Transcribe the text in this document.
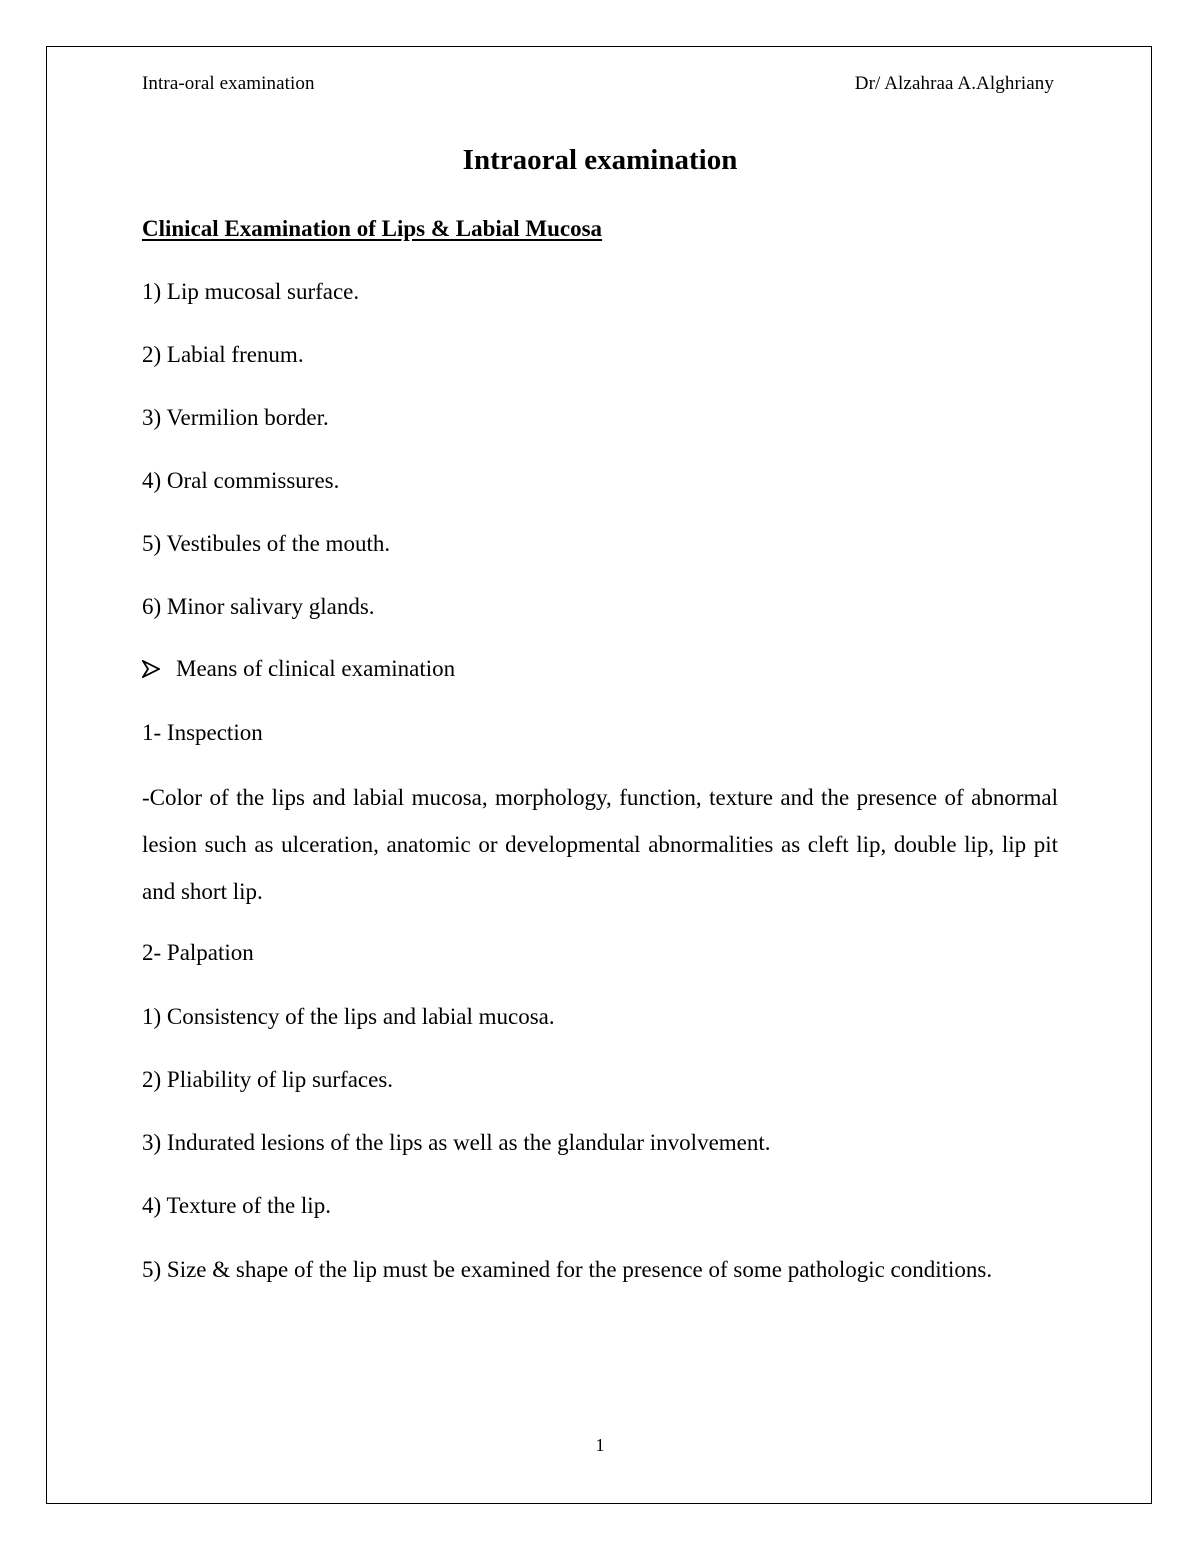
Intra-oral examination	Dr/ Alzahraa A.Alghriany
Intraoral examination
Clinical Examination of Lips & Labial Mucosa
1) Lip mucosal surface.
2) Labial frenum.
3) Vermilion border.
4) Oral commissures.
5) Vestibules of the mouth.
6) Minor salivary glands.
Means of clinical examination
1- Inspection
-Color of the lips and labial mucosa, morphology, function, texture and the presence of abnormal lesion such as ulceration, anatomic or developmental abnormalities as cleft lip, double lip, lip pit and short lip.
2- Palpation
1) Consistency of the lips and labial mucosa.
2) Pliability of lip surfaces.
3) Indurated lesions of the lips as well as the glandular involvement.
4) Texture of the lip.
5) Size & shape of the lip must be examined for the presence of some pathologic conditions.
1
